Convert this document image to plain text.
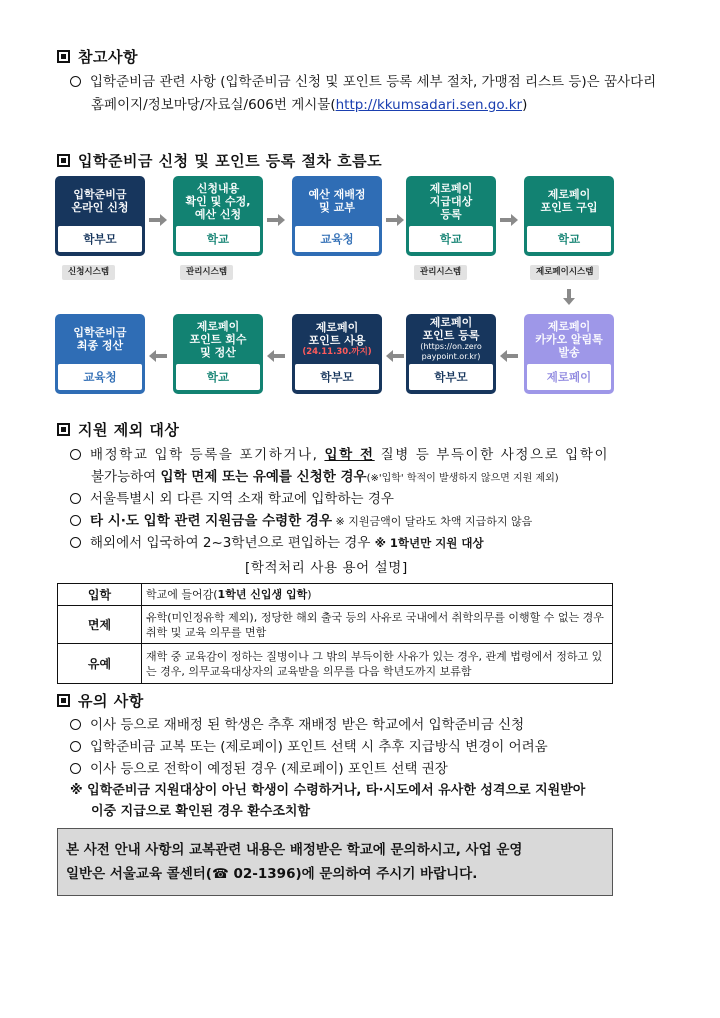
참고사항
입학준비금 관련 사항 (입학준비금 신청 및 포인트 등록 세부 절차, 가맹점 리스트 등)은 꿈사다리
홈페이지/정보마당/자료실/606번 게시물(http://kkumsadari.sen.go.kr)
입학준비금 신청 및 포인트 등록 절차 흐름도
입학준비금
온라인 신청
학부모
신청내용
확인 및 수정,
예산 신청
학교
예산 재배정
및 교부
교육청
제로페이
지급대상
등록
학교
제로페이
포인트 구입
학교
입학준비금
최종 정산
교육청
제로페이
포인트 회수
및 정산
학교
제로페이
포인트 사용
(24.11.30.까지)
학부모
제로페이
포인트 등록
(https://on.zero
paypoint.or.kr)
학부모
제로페이
카카오 알림톡
발송
제로페이
신청시스템	관리시스템	관리시스템	제로페이시스템
지원 제외 대상
배정학교 입학 등록을 포기하거나, 입학 전 질병 등 부득이한 사정으로 입학이
불가능하여 입학 면제 또는 유예를 신청한 경우(※'입학' 학적이 발생하지 않으면 지원 제외)
서울특별시 외 다른 지역 소재 학교에 입학하는 경우
타 시·도 입학 관련 지원금을 수령한 경우 ※ 지원금액이 달라도 차액 지급하지 않음
해외에서 입국하여 2~3학년으로 편입하는 경우 ※ 1학년만 지원 대상
[학적처리 사용 용어 설명]
입학	학교에 들어감(1학년 신입생 입학)
면제	유학(미인정유학 제외), 정당한 해외 출국 등의 사유로 국내에서 취학의무를 이행할 수 없는 경우 취학 및 교육 의무를 면함
유예	재학 중 교육감이 정하는 질병이나 그 밖의 부득이한 사유가 있는 경우, 관계 법령에서 정하고 있는 경우, 의무교육대상자의 교육받을 의무를 다음 학년도까지 보류함
유의 사항
이사 등으로 재배정 된 학생은 추후 재배정 받은 학교에서 입학준비금 신청
입학준비금 교복 또는 (제로페이) 포인트 선택 시 추후 지급방식 변경이 어려움
이사 등으로 전학이 예정된 경우 (제로페이) 포인트 선택 권장
※ 입학준비금 지원대상이 아닌 학생이 수령하거나, 타·시도에서 유사한 성격으로 지원받아
이중 지급으로 확인된 경우 환수조치함
본 사전 안내 사항의 교복관련 내용은 배정받은 학교에 문의하시고, 사업 운영
일반은 서울교육 콜센터(☎ 02-1396)에 문의하여 주시기 바랍니다.
